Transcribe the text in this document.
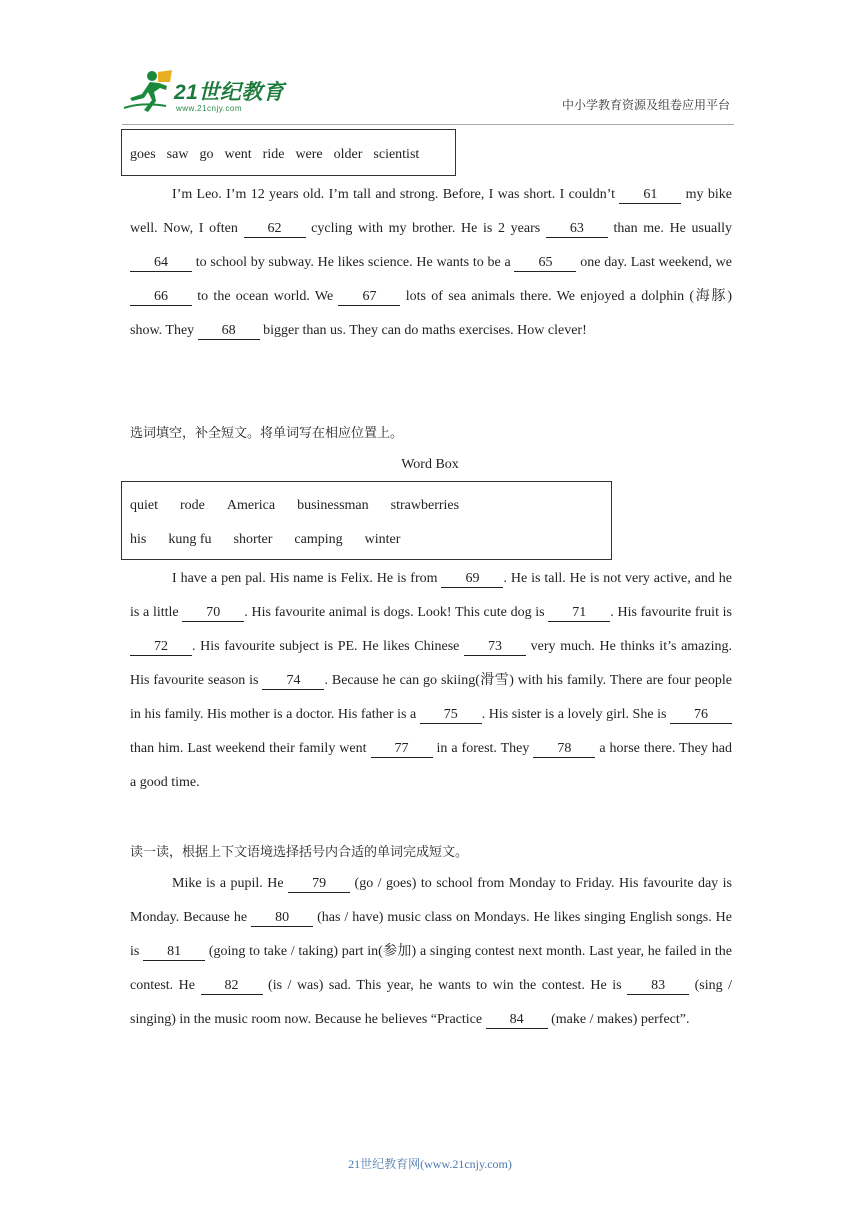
21世纪教育
www.21cnjy.com	中小学教育资源及组卷应用平台
goes saw go went ride were older scientist

I’m Leo. I’m 12 years old. I’m tall and strong. Before, I was short. I couldn’t 61 my bike well. Now, I often 62 cycling with my brother. He is 2 years 63 than me. He usually 64 to school by subway. He likes science. He wants to be a 65 one day. Last weekend, we 66 to the ocean world. We 67 lots of sea animals there. We enjoyed a dolphin (海豚) show. They 68 bigger than us. They can do maths exercises. How clever!

选词填空，补全短文。将单词写在相应位置上。
Word Box
quiet rode America businessman strawberries
his kung fu shorter camping winter

I have a pen pal. His name is Felix. He is from 69 . He is tall. He is not very active, and he is a little 70 . His favourite animal is dogs. Look! This cute dog is 71 . His favourite fruit is 72 . His favourite subject is PE. He likes Chinese 73 very much. He thinks it’s amazing. His favourite season is 74 . Because he can go skiing(滑雪) with his family. There are four people in his family. His mother is a doctor. His father is a 75 . His sister is a lovely girl. She is 76 than him. Last weekend their family went 77 in a forest. They 78 a horse there. They had a good time.

读一读，根据上下文语境选择括号内合适的单词完成短文。

Mike is a pupil. He 79 (go / goes) to school from Monday to Friday. His favourite day is Monday. Because he 80 (has / have) music class on Mondays. He likes singing English songs. He is 81 (going to take / taking) part in(参加) a singing contest next month. Last year, he failed in the contest. He 82 (is / was) sad. This year, he wants to win the contest. He is 83 (sing / singing) in the music room now. Because he believes “Practice 84 (make / makes) perfect”.

21世纪教育网(www.21cnjy.com)
